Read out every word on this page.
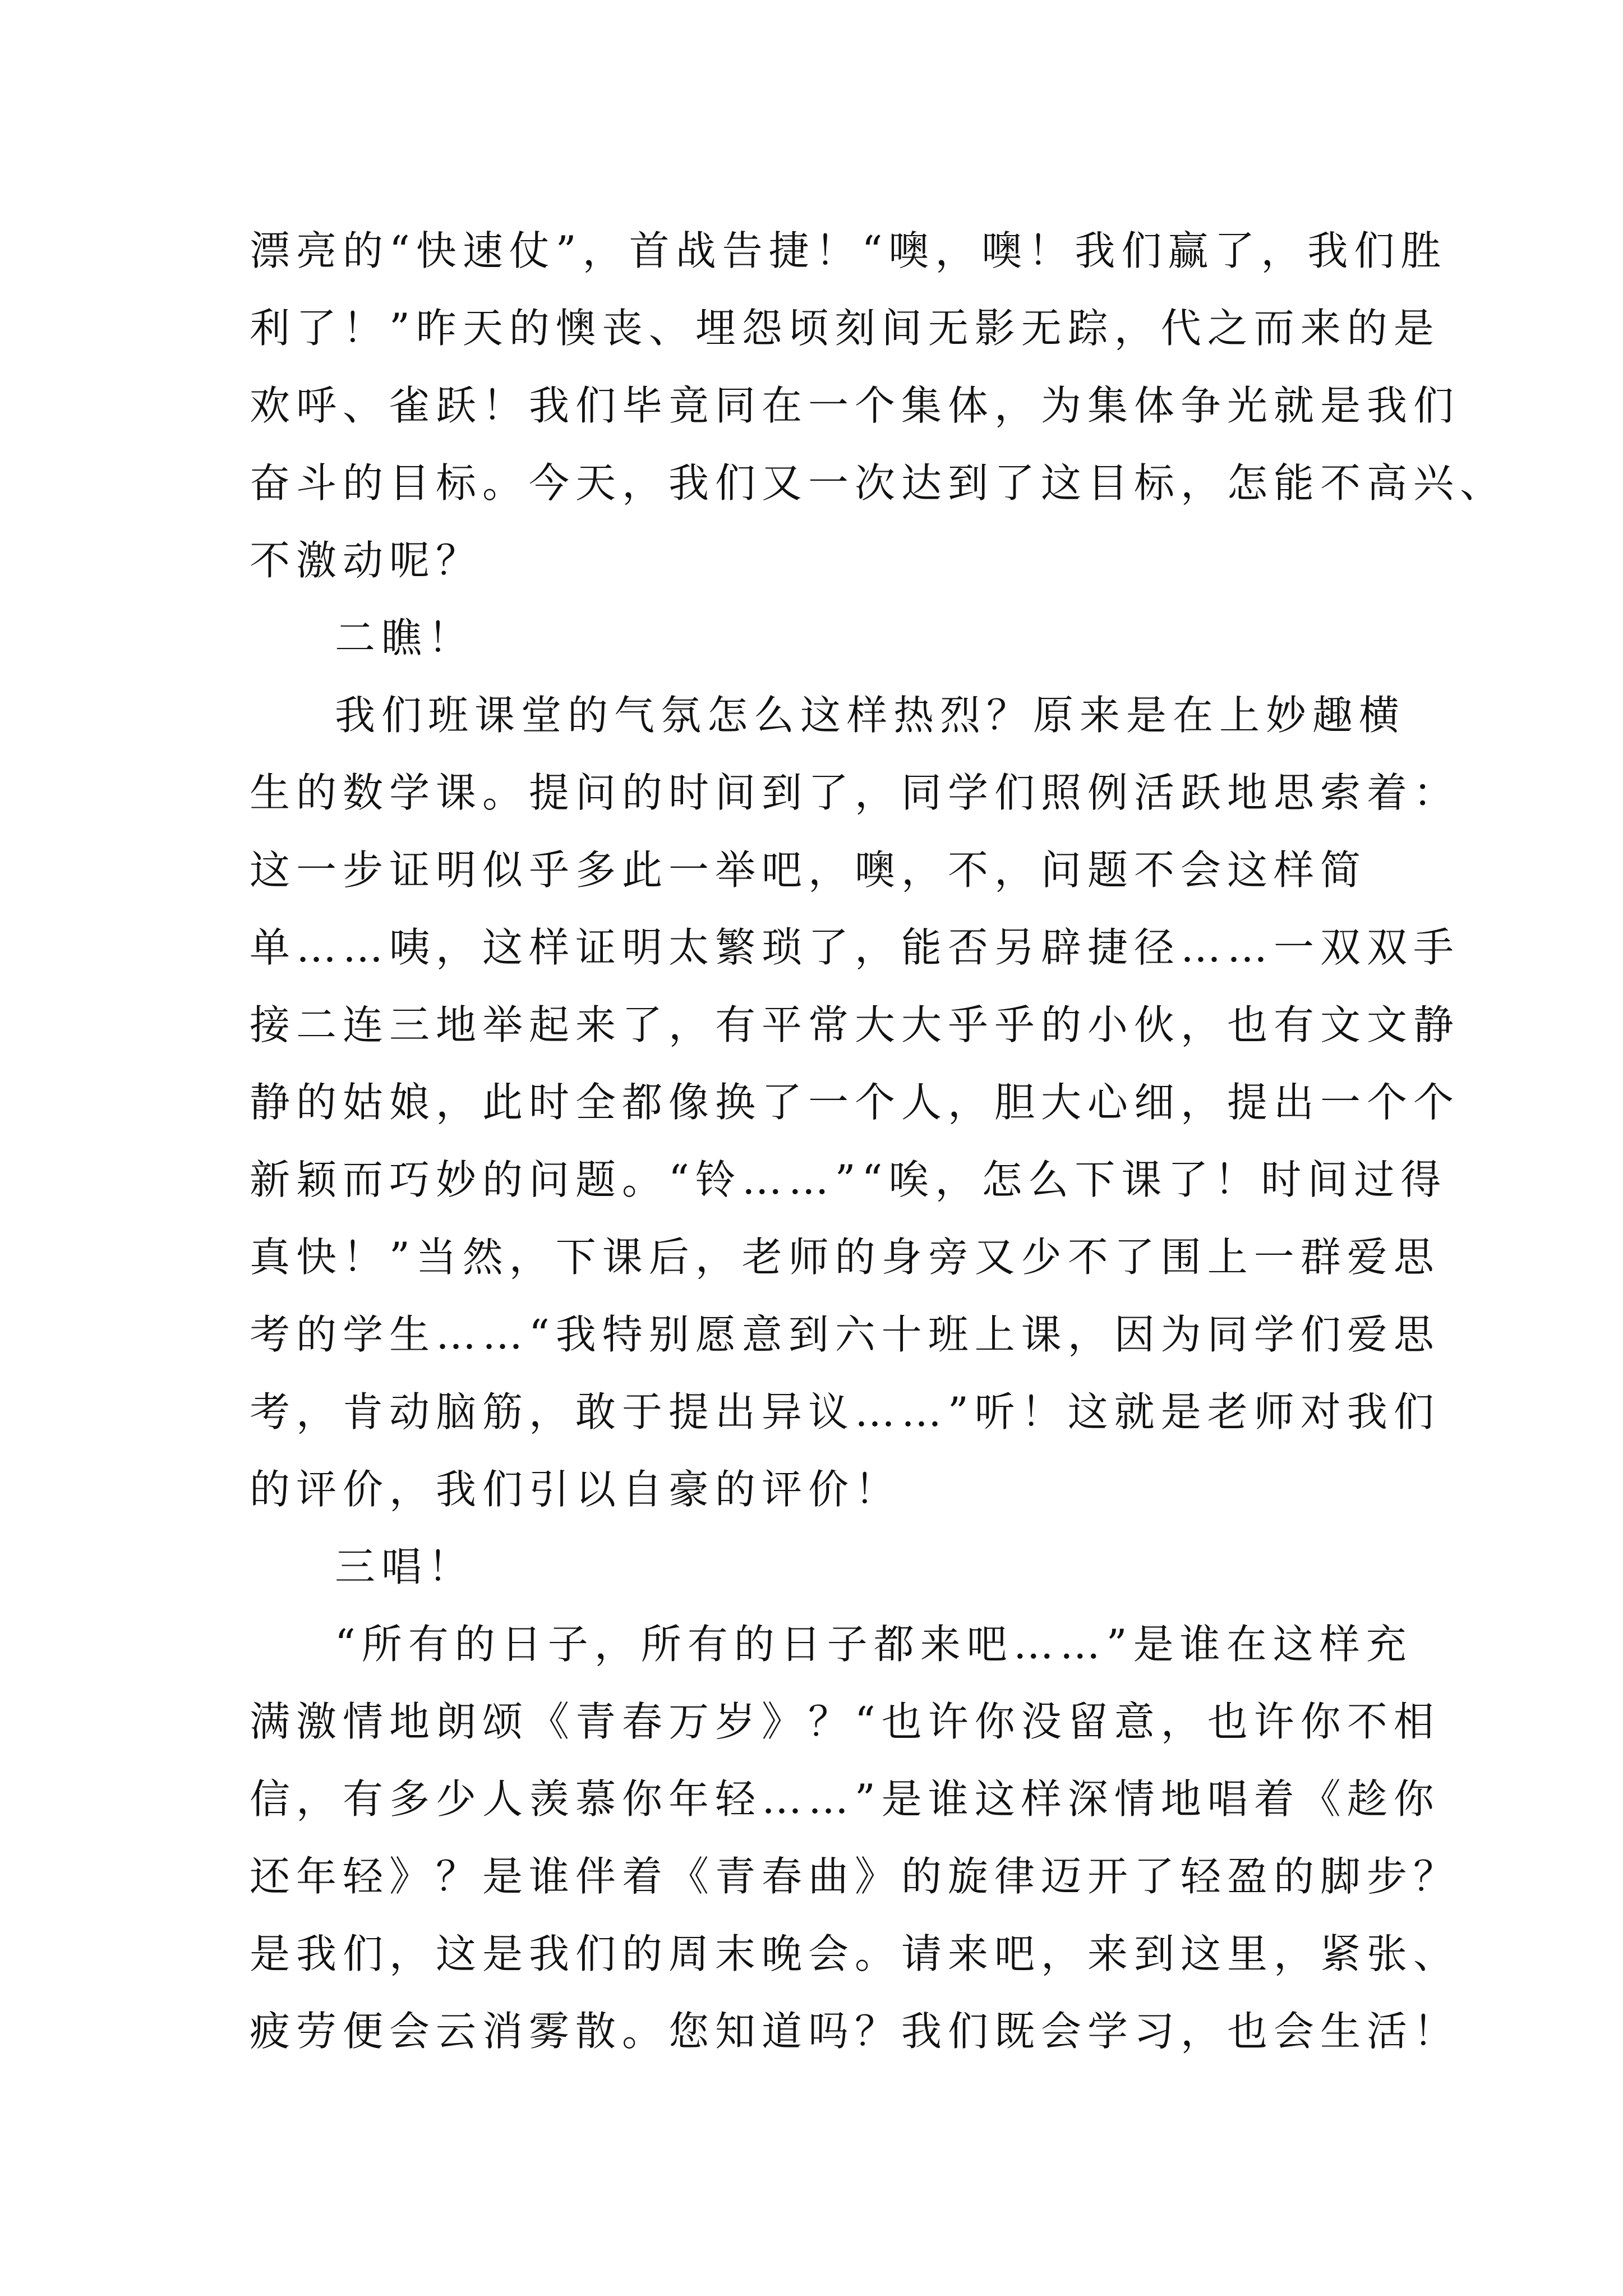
漂亮的“快速仗”，首战告捷！“噢，噢！我们赢了，我们胜
利了！”昨天的懊丧、埋怨顷刻间无影无踪，代之而来的是
欢呼、雀跃！我们毕竟同在一个集体，为集体争光就是我们
奋斗的目标。今天，我们又一次达到了这目标，怎能不高兴、
不激动呢？
二瞧！
我们班课堂的气氛怎么这样热烈？原来是在上妙趣横
生的数学课。提问的时间到了，同学们照例活跃地思索着：
这一步证明似乎多此一举吧，噢，不，问题不会这样简
单……咦，这样证明太繁琐了，能否另辟捷径……一双双手
接二连三地举起来了，有平常大大乎乎的小伙，也有文文静
静的姑娘，此时全都像换了一个人，胆大心细，提出一个个
新颖而巧妙的问题。“铃……”“唉，怎么下课了！时间过得
真快！”当然，下课后，老师的身旁又少不了围上一群爱思
考的学生……“我特别愿意到六十班上课，因为同学们爱思
考，肯动脑筋，敢于提出异议……”听！这就是老师对我们
的评价，我们引以自豪的评价！
三唱！
“所有的日子，所有的日子都来吧……”是谁在这样充
满激情地朗颂《青春万岁》？“也许你没留意，也许你不相
信，有多少人羡慕你年轻……”是谁这样深情地唱着《趁你
还年轻》？是谁伴着《青春曲》的旋律迈开了轻盈的脚步？
是我们，这是我们的周末晚会。请来吧，来到这里，紧张、
疲劳便会云消雾散。您知道吗？我们既会学习，也会生活！
